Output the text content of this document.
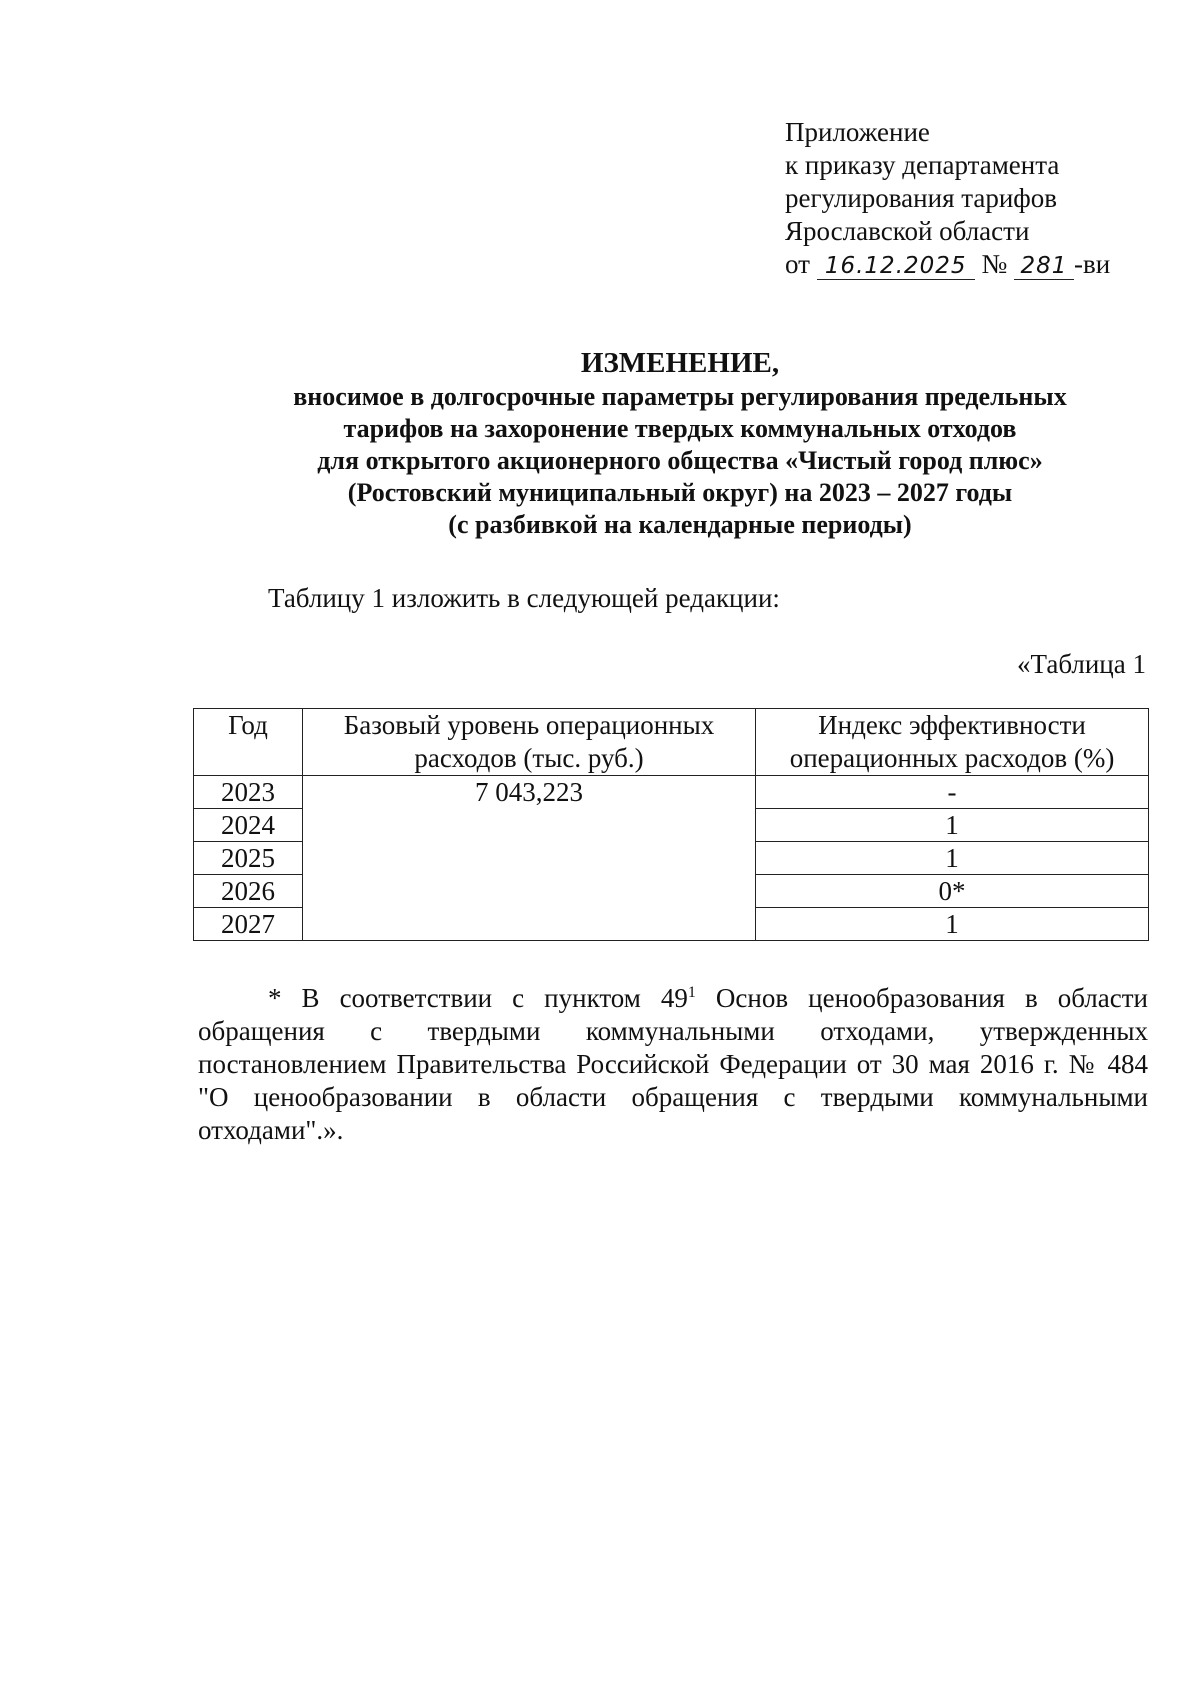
Приложение
к приказу департамента
регулирования тарифов
Ярославской области
от 16.12.2025 № 281 -ви
ИЗМЕНЕНИЕ,
вносимое в долгосрочные параметры регулирования предельных
тарифов на захоронение твердых коммунальных отходов
для открытого акционерного общества «Чистый город плюс»
(Ростовский муниципальный округ) на 2023 – 2027 годы
(с разбивкой на календарные периоды)
Таблицу 1 изложить в следующей редакции:
«Таблица 1
Год	Базовый уровень операционных расходов (тыс. руб.)	Индекс эффективности операционных расходов (%)
2023	7 043,223	-
2024		1
2025		1
2026		0*
2027		1

* В соответствии с пунктом $49^1$ Основ ценообразования в области обращения с твердыми коммунальными отходами, утвержденных постановлением Правительства Российской Федерации от 30 мая 2016 г. № 484 "О ценообразовании в области обращения с твердыми коммунальными отходами".».
